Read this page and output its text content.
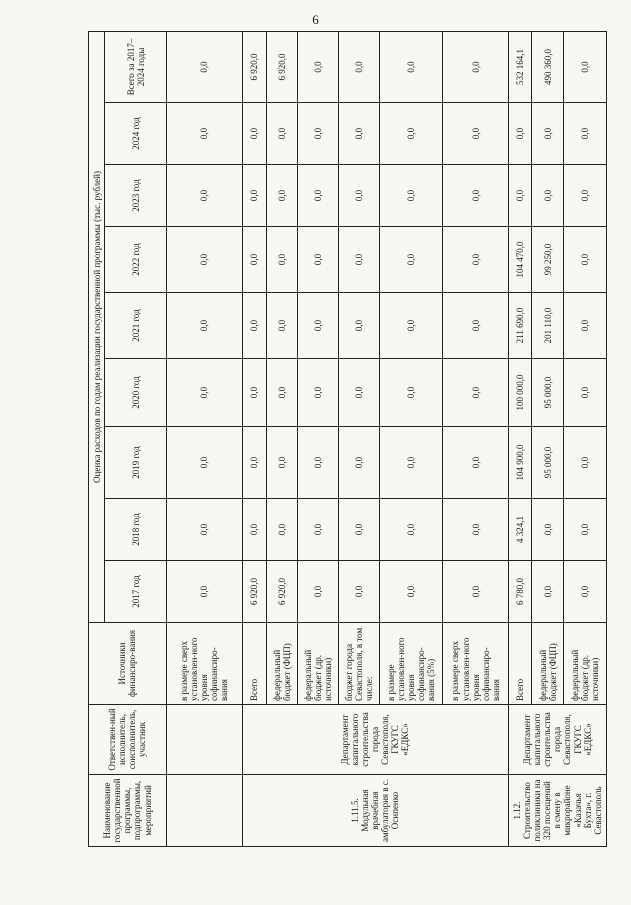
6
Наименование государственной программы, подпрограммы, мероприятий	Ответствен-ный исполнитель, соисполнитель, участник	Источники финансиро-вания	Оценка расходов по годам реализации государственной программы (тыс. рублей)								
			2017 год	2018 год	2019 год	2020 год	2021 год	2022 год	2023 год	2024 год	Всего за 2017–2024 годы
		в размере сверх установлен-ного уровня софинансиро-вания	0,0	0,0	0,0	0,0	0,0	0,0	0,0	0,0	0,0
1.11.5. Модульная врачебная амбулатория в с. Осипенко	Департамент капитального строительства города Севастополя, ГКУГС «ЕДКС»	Всего	6 920,0	0,0	0,0	0,0	0,0	0,0	0,0	0,0	6 920,0
		федеральный бюджет (ФЦП)	6 920,0	0,0	0,0	0,0	0,0	0,0	0,0	0,0	6 920,0
		федеральный бюджет (др. источники)	0,0	0,0	0,0	0,0	0,0	0,0	0,0	0,0	0,0
		бюджет города Севастополя, в том числе:	0,0	0,0	0,0	0,0	0,0	0,0	0,0	0,0	0,0
		в размере установлен-ного уровня софинансиро-вания (5%)	0,0	0,0	0,0	0,0	0,0	0,0	0,0	0,0	0,0
		в размере сверх установлен-ного уровня софинансиро-вания	0,0	0,0	0,0	0,0	0,0	0,0	0,0	0,0	0,0
1.12. Строительство поликлиники на 320 посещений в смену в микрорайоне «Казачья Бухта», г. Севастополь	Департамент капитального строительства города Севастополя, ГКУГС «ЕДКС»	Всего	6 780,0	4 324,1	104 900,0	100 000,0	211 690,0	104 470,0	0,0	0,0	532 164,1
		федеральный бюджет (ФЦП)	0,0	0,0	95 000,0	95 000,0	201 110,0	99 250,0	0,0	0,0	490 360,0
		федеральный бюджет (др. источники)	0,0	0,0	0,0	0,0	0,0	0,0	0,0	0,0	0,0
